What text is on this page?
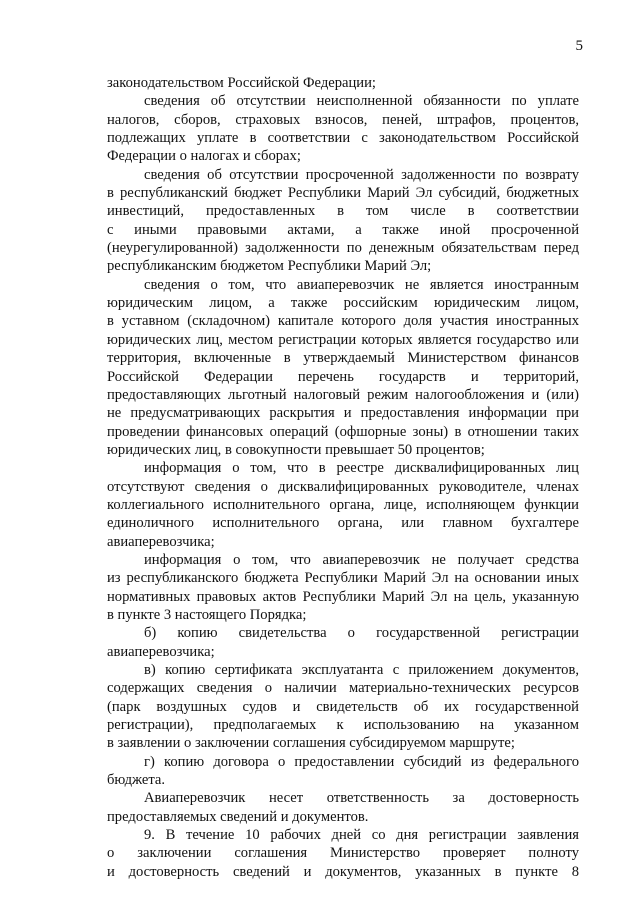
5
законодательством Российской Федерации;
сведения об отсутствии неисполненной обязанности по уплате
налогов, сборов, страховых взносов, пеней, штрафов, процентов,
подлежащих уплате в соответствии с законодательством Российской
Федерации о налогах и сборах;
сведения об отсутствии просроченной задолженности по возврату
в республиканский бюджет Республики Марий Эл субсидий, бюджетных
инвестиций, предоставленных в том числе в соответствии
с иными правовыми актами, а также иной просроченной
(неурегулированной) задолженности по денежным обязательствам перед
республиканским бюджетом Республики Марий Эл;
сведения о том, что авиаперевозчик не является иностранным
юридическим лицом, а также российским юридическим лицом,
в уставном (складочном) капитале которого доля участия иностранных
юридических лиц, местом регистрации которых является государство или
территория, включенные в утверждаемый Министерством финансов
Российской Федерации перечень государств и территорий,
предоставляющих льготный налоговый режим налогообложения и (или)
не предусматривающих раскрытия и предоставления информации при
проведении финансовых операций (офшорные зоны) в отношении таких
юридических лиц, в совокупности превышает 50 процентов;
информация о том, что в реестре дисквалифицированных лиц
отсутствуют сведения о дисквалифицированных руководителе, членах
коллегиального исполнительного органа, лице, исполняющем функции
единоличного исполнительного органа, или главном бухгалтере
авиаперевозчика;
информация о том, что авиаперевозчик не получает средства
из республиканского бюджета Республики Марий Эл на основании иных
нормативных правовых актов Республики Марий Эл на цель, указанную
в пункте 3 настоящего Порядка;
б) копию свидетельства о государственной регистрации
авиаперевозчика;
в) копию сертификата эксплуатанта с приложением документов,
содержащих сведения о наличии материально-технических ресурсов
(парк воздушных судов и свидетельств об их государственной
регистрации), предполагаемых к использованию на указанном
в заявлении о заключении соглашения субсидируемом маршруте;
г) копию договора о предоставлении субсидий из федерального
бюджета.
Авиаперевозчик несет ответственность за достоверность
предоставляемых сведений и документов.
9. В течение 10 рабочих дней со дня регистрации заявления
о заключении соглашения Министерство проверяет полноту
и достоверность сведений и документов, указанных в пункте 8
